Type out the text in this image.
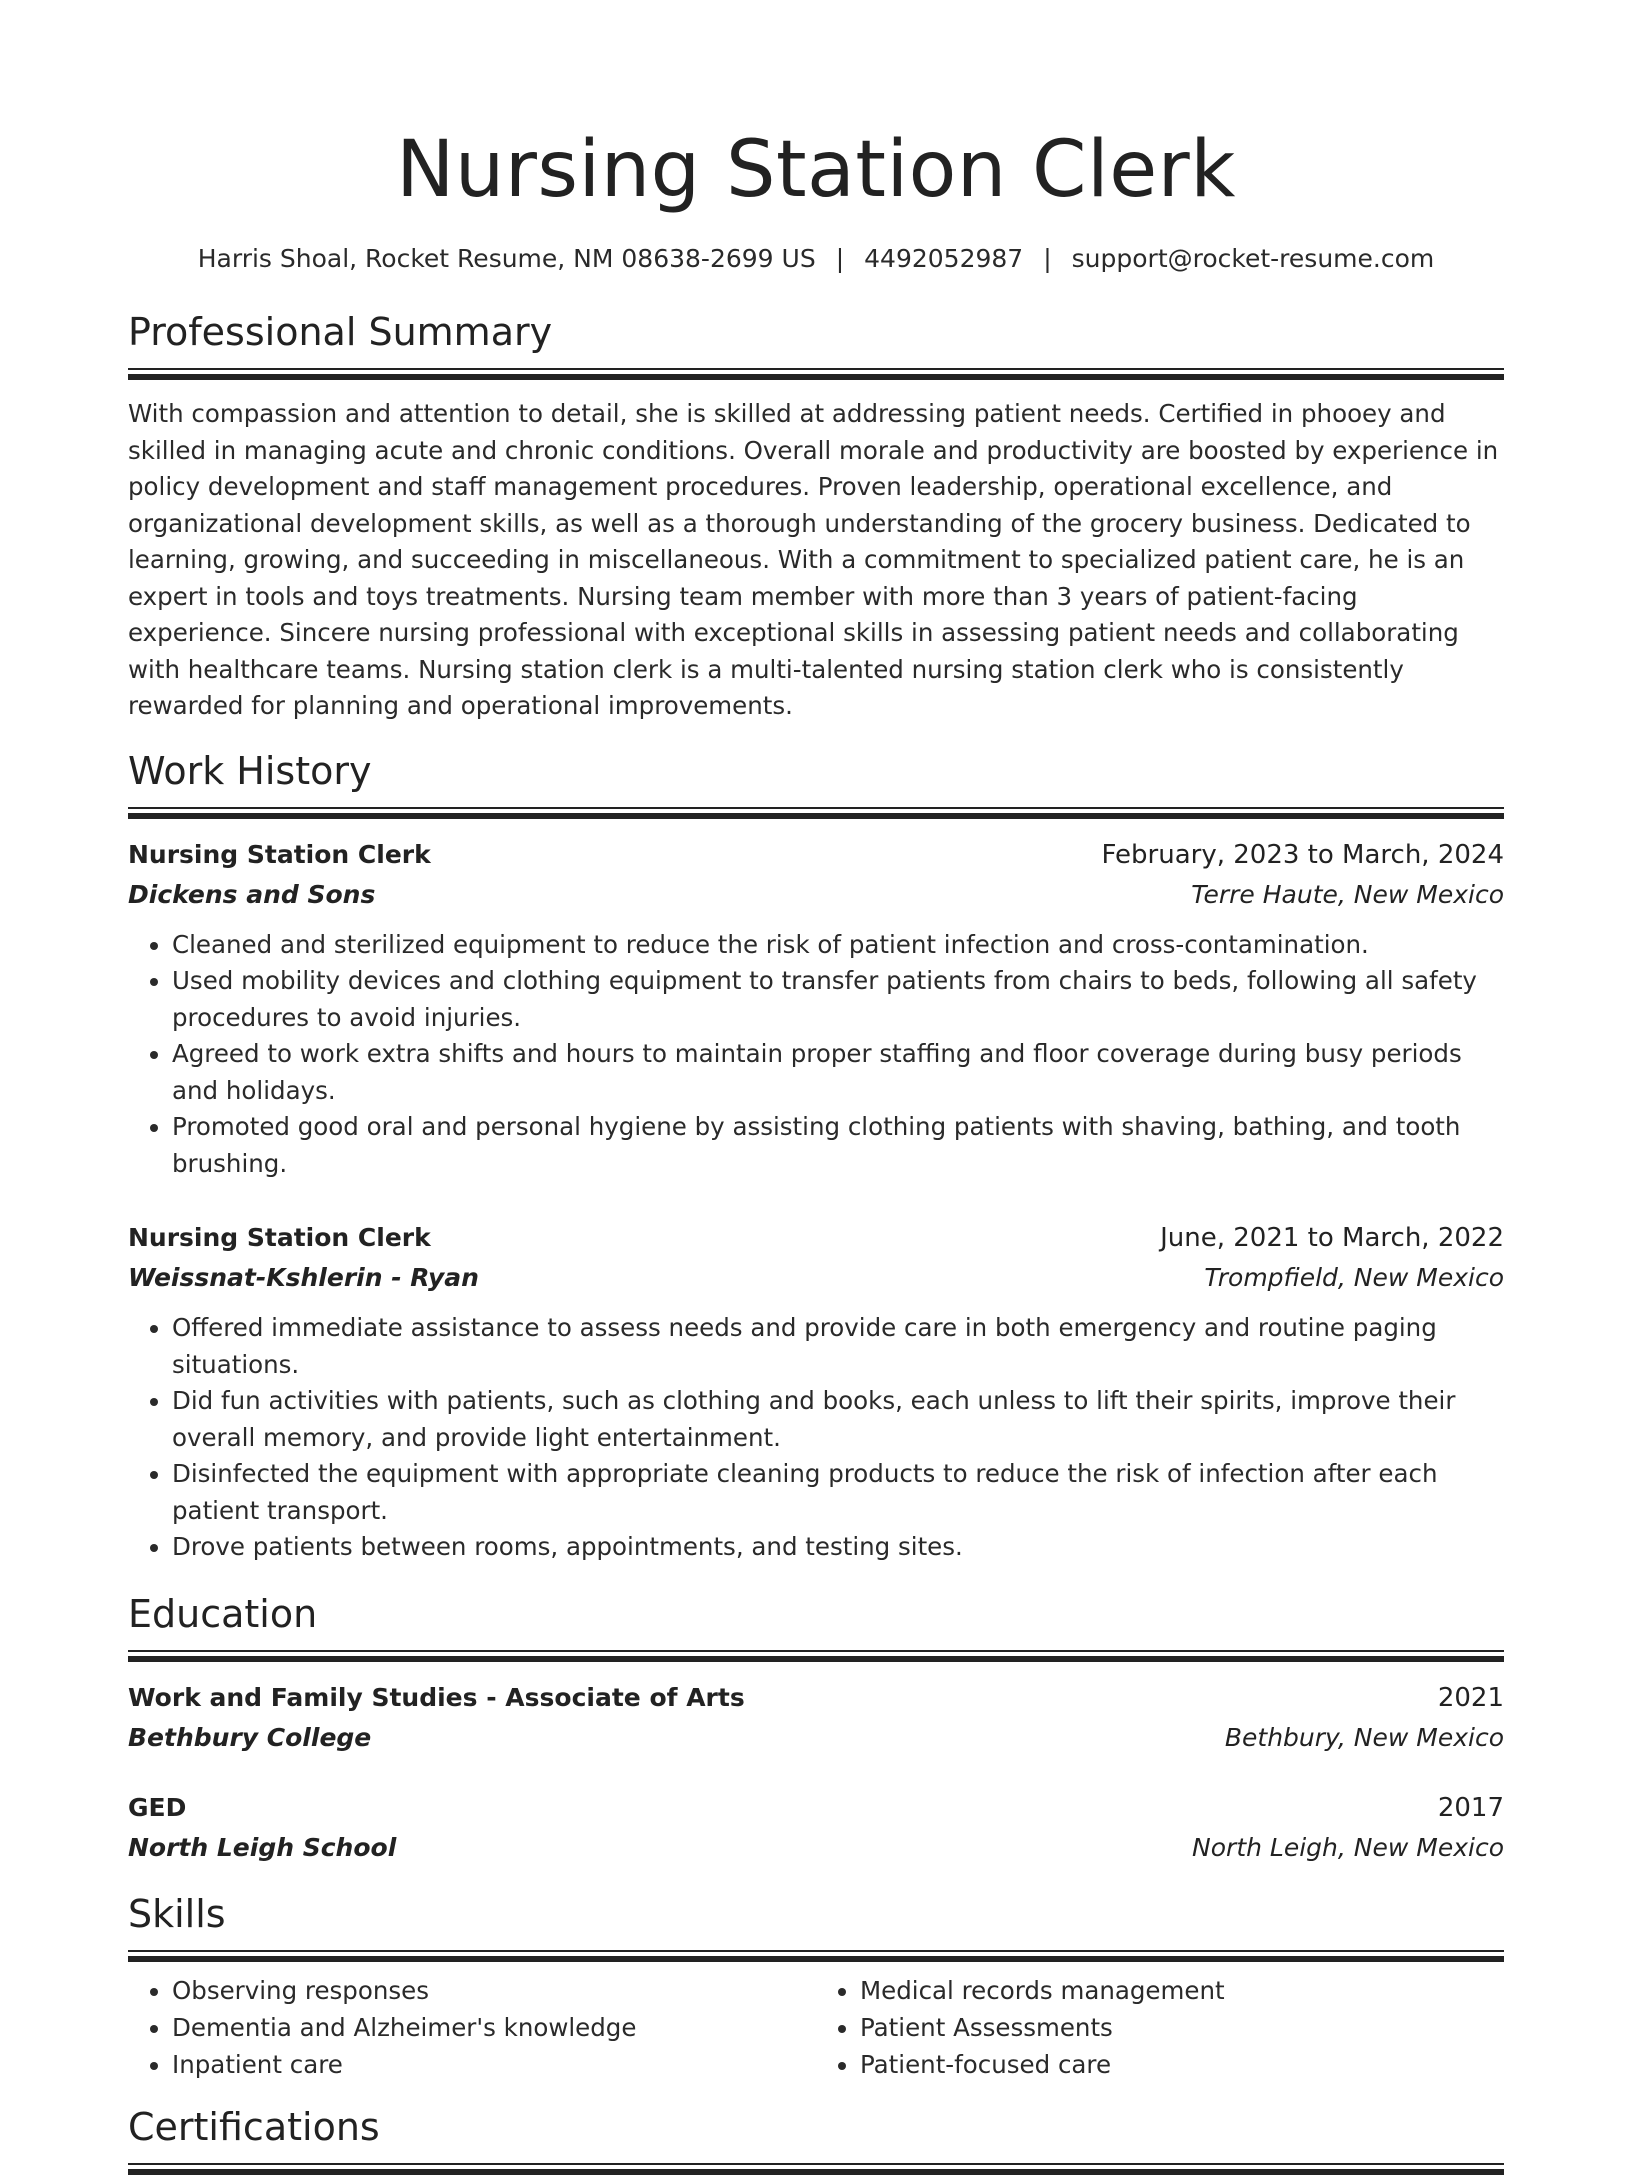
Nursing Station Clerk
Harris Shoal, Rocket Resume, NM 08638-2699 US | 4492052987 | support@rocket-resume.com
Professional Summary
With compassion and attention to detail, she is skilled at addressing patient needs. Certified in phooey and skilled in managing acute and chronic conditions. Overall morale and productivity are boosted by experience in policy development and staff management procedures. Proven leadership, operational excellence, and organizational development skills, as well as a thorough understanding of the grocery business. Dedicated to learning, growing, and succeeding in miscellaneous. With a commitment to specialized patient care, he is an expert in tools and toys treatments. Nursing team member with more than 3 years of patient-facing experience. Sincere nursing professional with exceptional skills in assessing patient needs and collaborating with healthcare teams. Nursing station clerk is a multi-talented nursing station clerk who is consistently rewarded for planning and operational improvements.
Work History
Nursing Station Clerk	February, 2023 to March, 2024
Dickens and Sons	Terre Haute, New Mexico
• Cleaned and sterilized equipment to reduce the risk of patient infection and cross-contamination.
• Used mobility devices and clothing equipment to transfer patients from chairs to beds, following all safety procedures to avoid injuries.
• Agreed to work extra shifts and hours to maintain proper staffing and floor coverage during busy periods and holidays.
• Promoted good oral and personal hygiene by assisting clothing patients with shaving, bathing, and tooth brushing.
Nursing Station Clerk	June, 2021 to March, 2022
Weissnat-Kshlerin - Ryan	Trompfield, New Mexico
• Offered immediate assistance to assess needs and provide care in both emergency and routine paging situations.
• Did fun activities with patients, such as clothing and books, each unless to lift their spirits, improve their overall memory, and provide light entertainment.
• Disinfected the equipment with appropriate cleaning products to reduce the risk of infection after each patient transport.
• Drove patients between rooms, appointments, and testing sites.
Education
Work and Family Studies - Associate of Arts	2021
Bethbury College	Bethbury, New Mexico
GED	2017
North Leigh School	North Leigh, New Mexico
Skills
• Observing responses
• Dementia and Alzheimer's knowledge
• Inpatient care
• Medical records management
• Patient Assessments
• Patient-focused care
Certifications
